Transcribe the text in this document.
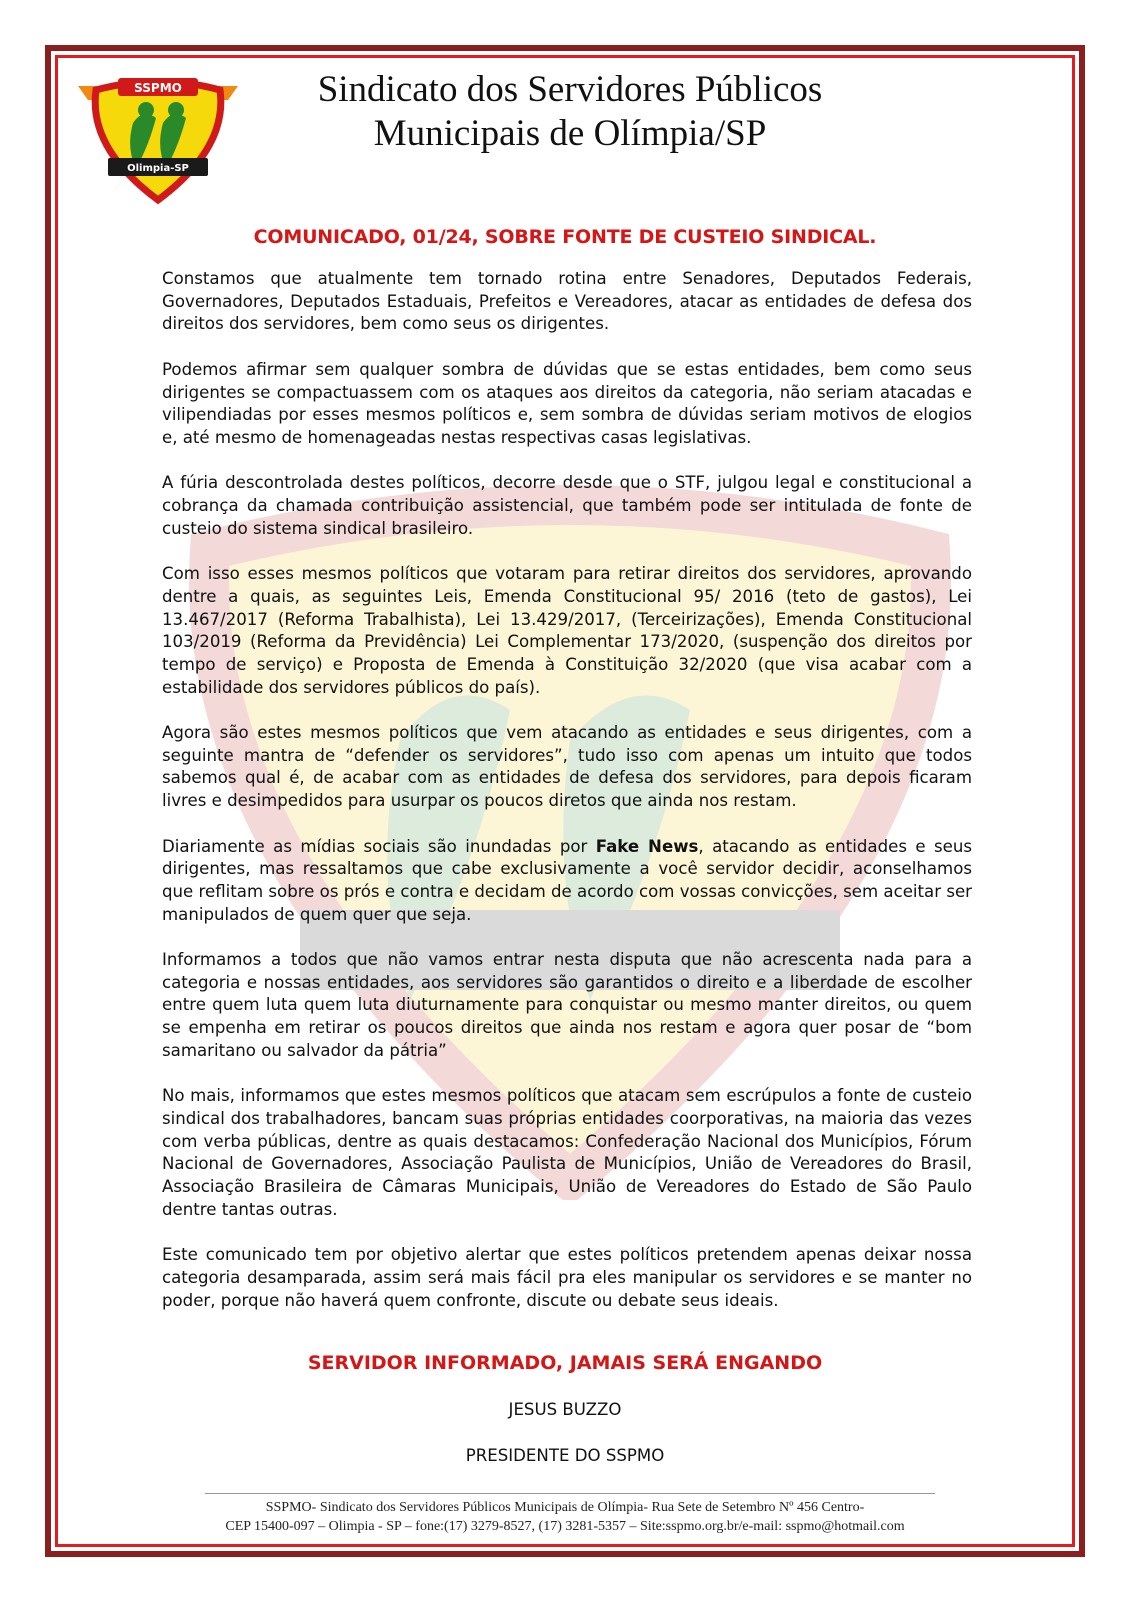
SSPMO
Olimpia-SP
Sindicato dos Servidores Públicos
Municipais de Olímpia/SP
COMUNICADO, 01/24, SOBRE FONTE DE CUSTEIO SINDICAL.

Constamos que atualmente tem tornado rotina entre Senadores, Deputados Federais, Governadores, Deputados Estaduais, Prefeitos e Vereadores, atacar as entidades de defesa dos direitos dos servidores, bem como seus os dirigentes.

Podemos afirmar sem qualquer sombra de dúvidas que se estas entidades, bem como seus dirigentes se compactuassem com os ataques aos direitos da categoria, não seriam atacadas e vilipendiadas por esses mesmos políticos e, sem sombra de dúvidas seriam motivos de elogios e, até mesmo de homenageadas nestas respectivas casas legislativas.

A fúria descontrolada destes políticos, decorre desde que o STF, julgou legal e constitucional a cobrança da chamada contribuição assistencial, que também pode ser intitulada de fonte de custeio do sistema sindical brasileiro.

Com isso esses mesmos políticos que votaram para retirar direitos dos servidores, aprovando dentre a quais, as seguintes Leis, Emenda Constitucional 95/ 2016 (teto de gastos), Lei 13.467/2017 (Reforma Trabalhista), Lei 13.429/2017, (Terceirizações), Emenda Constitucional 103/2019 (Reforma da Previdência) Lei Complementar 173/2020, (suspenção dos direitos por tempo de serviço) e Proposta de Emenda à Constituição 32/2020 (que visa acabar com a estabilidade dos servidores públicos do país).

Agora são estes mesmos políticos que vem atacando as entidades e seus dirigentes, com a seguinte mantra de “defender os servidores”, tudo isso com apenas um intuito que todos sabemos qual é, de acabar com as entidades de defesa dos servidores, para depois ficaram livres e desimpedidos para usurpar os poucos diretos que ainda nos restam.

Diariamente as mídias sociais são inundadas por Fake News, atacando as entidades e seus dirigentes, mas ressaltamos que cabe exclusivamente a você servidor decidir, aconselhamos que reflitam sobre os prós e contra e decidam de acordo com vossas convicções, sem aceitar ser manipulados de quem quer que seja.

Informamos a todos que não vamos entrar nesta disputa que não acrescenta nada para a categoria e nossas entidades, aos servidores são garantidos o direito e a liberdade de escolher entre quem luta quem luta diuturnamente para conquistar ou mesmo manter direitos, ou quem se empenha em retirar os poucos direitos que ainda nos restam e agora quer posar de “bom samaritano ou salvador da pátria”

No mais, informamos que estes mesmos políticos que atacam sem escrúpulos a fonte de custeio sindical dos trabalhadores, bancam suas próprias entidades coorporativas, na maioria das vezes com verba públicas, dentre as quais destacamos: Confederação Nacional dos Municípios, Fórum Nacional de Governadores, Associação Paulista de Municípios, União de Vereadores do Brasil, Associação Brasileira de Câmaras Municipais, União de Vereadores do Estado de São Paulo dentre tantas outras.

Este comunicado tem por objetivo alertar que estes políticos pretendem apenas deixar nossa categoria desamparada, assim será mais fácil pra eles manipular os servidores e se manter no poder, porque não haverá quem confronte, discute ou debate seus ideais.

SERVIDOR INFORMADO, JAMAIS SERÁ ENGANDO
JESUS BUZZO
PRESIDENTE DO SSPMO
SSPMO- Sindicato dos Servidores Públicos Municipais de Olímpia- Rua Sete de Setembro Nº 456 Centro-
CEP 15400-097 – Olimpia - SP – fone:(17) 3279-8527, (17) 3281-5357 – Site:sspmo.org.br/e-mail: sspmo@hotmail.com
